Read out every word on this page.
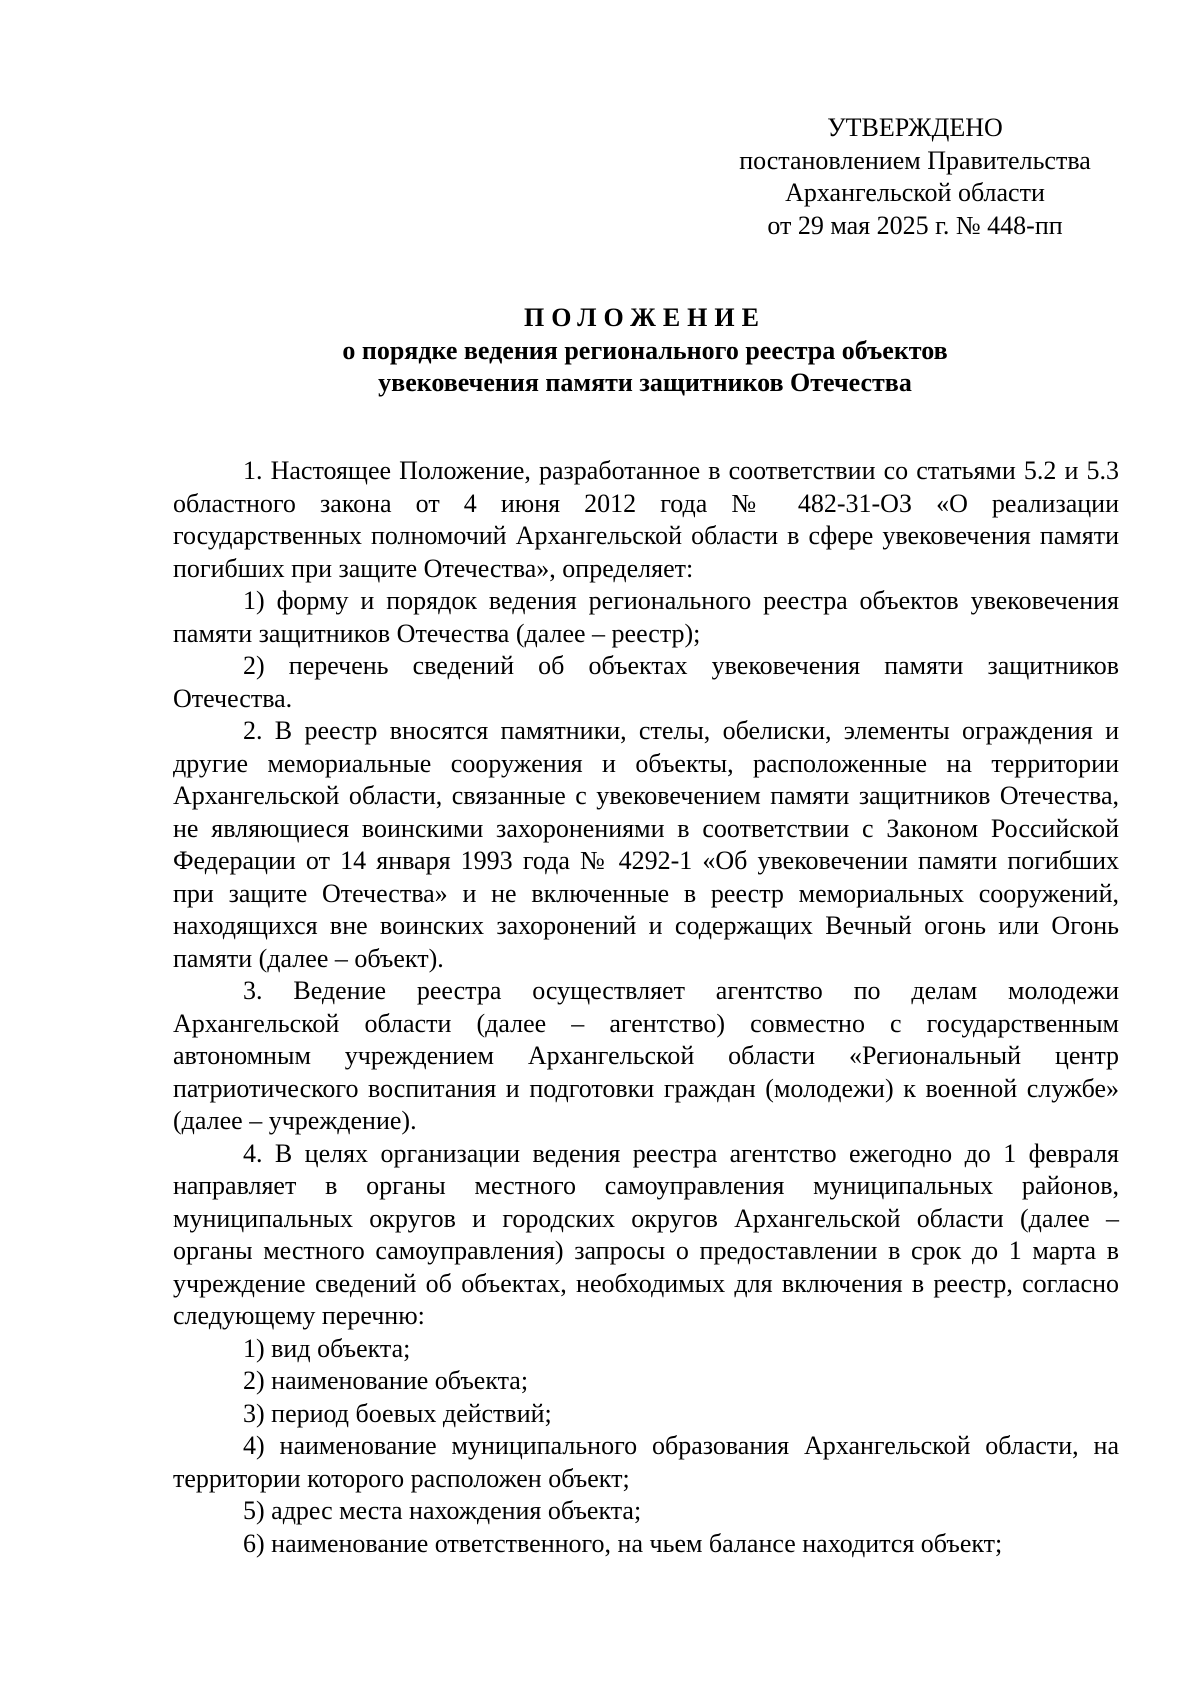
УТВЕРЖДЕНО
постановлением Правительства
Архангельской области
от 29 мая 2025 г. № 448-пп
ПОЛОЖЕНИЕ
о порядке ведения регионального реестра объектов
увековечения памяти защитников Отечества

1. Настоящее Положение, разработанное в соответствии со статьями 5.2 и 5.3 областного закона от 4 июня 2012 года № 482-31-ОЗ «О реализации государственных полномочий Архангельской области в сфере увековечения памяти погибших при защите Отечества», определяет:

1) форму и порядок ведения регионального реестра объектов увековечения памяти защитников Отечества (далее – реестр);

2) перечень сведений об объектах увековечения памяти защитников Отечества.

2. В реестр вносятся памятники, стелы, обелиски, элементы ограждения и другие мемориальные сооружения и объекты, расположенные на территории Архангельской области, связанные с увековечением памяти защитников Отечества, не являющиеся воинскими захоронениями в соответствии с Законом Российской Федерации от 14 января 1993 года № 4292-1 «Об увековечении памяти погибших при защите Отечества» и не включенные в реестр мемориальных сооружений, находящихся вне воинских захоронений и содержащих Вечный огонь или Огонь памяти (далее – объект).

3. Ведение реестра осуществляет агентство по делам молодежи Архангельской области (далее – агентство) совместно с государственным автономным учреждением Архангельской области «Региональный центр патриотического воспитания и подготовки граждан (молодежи) к военной службе» (далее – учреждение).

4. В целях организации ведения реестра агентство ежегодно до 1 февраля направляет в органы местного самоуправления муниципальных районов, муниципальных округов и городских округов Архангельской области (далее – органы местного самоуправления) запросы о предоставлении в срок до 1 марта в учреждение сведений об объектах, необходимых для включения в реестр, согласно следующему перечню:

1) вид объекта;

2) наименование объекта;

3) период боевых действий;

4) наименование муниципального образования Архангельской области, на территории которого расположен объект;

5) адрес места нахождения объекта;

6) наименование ответственного, на чьем балансе находится объект;
